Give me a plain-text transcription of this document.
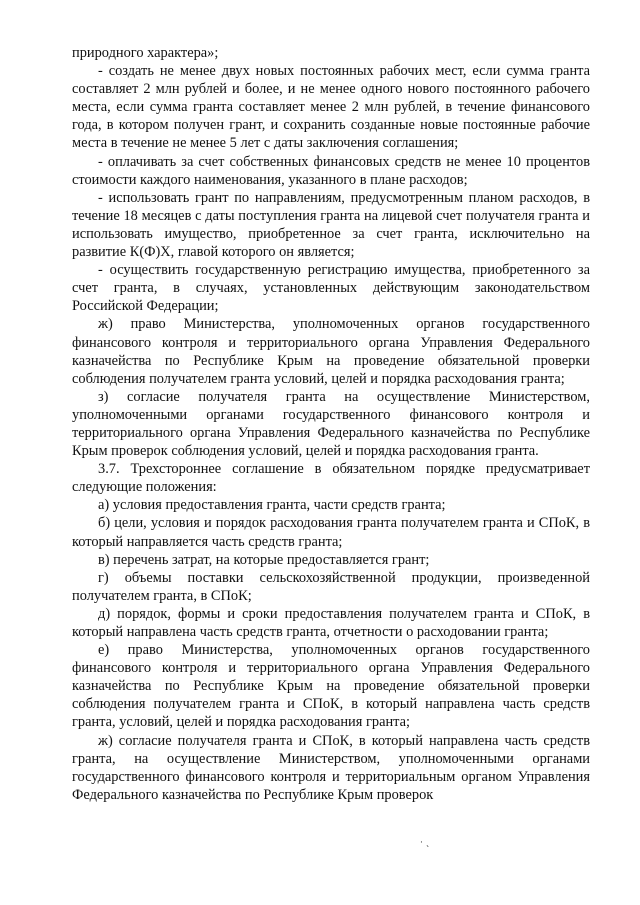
природного характера»;

- создать не менее двух новых постоянных рабочих мест, если сумма гранта составляет 2 млн рублей и более, и не менее одного нового постоянного рабочего места, если сумма гранта составляет менее 2 млн рублей, в течение финансового года, в котором получен грант, и сохранить созданные новые постоянные рабочие места в течение не менее 5 лет с даты заключения соглашения;

- оплачивать за счет собственных финансовых средств не менее 10 процентов стоимости каждого наименования, указанного в плане расходов;

- использовать грант по направлениям, предусмотренным планом расходов, в течение 18 месяцев с даты поступления гранта на лицевой счет получателя гранта и использовать имущество, приобретенное за счет гранта, исключительно на развитие К(Ф)Х, главой которого он является;

- осуществить государственную регистрацию имущества, приобретенного за счет гранта, в случаях, установленных действующим законодательством Российской Федерации;

ж) право Министерства, уполномоченных органов государственного финансового контроля и территориального органа Управления Федерального казначейства по Республике Крым на проведение обязательной проверки соблюдения получателем гранта условий, целей и порядка расходования гранта;

з) согласие получателя гранта на осуществление Министерством, уполномоченными органами государственного финансового контроля и территориального органа Управления Федерального казначейства по Республике Крым проверок соблюдения условий, целей и порядка расходования гранта.

3.7. Трехстороннее соглашение в обязательном порядке предусматривает следующие положения:

а) условия предоставления гранта, части средств гранта;

б) цели, условия и порядок расходования гранта получателем гранта и СПоК, в который направляется часть средств гранта;

в) перечень затрат, на которые предоставляется грант;

г) объемы поставки сельскохозяйственной продукции, произведенной получателем гранта, в СПоК;

д) порядок, формы и сроки предоставления получателем гранта и СПоК, в который направлена часть средств гранта, отчетности о расходовании гранта;

е) право Министерства, уполномоченных органов государственного финансового контроля и территориального органа Управления Федерального казначейства по Республике Крым на проведение обязательной проверки соблюдения получателем гранта и СПоК, в который направлена часть средств гранта, условий, целей и порядка расходования гранта;

ж) согласие получателя гранта и СПоК, в который направлена часть средств гранта, на осуществление Министерством, уполномоченными органами государственного финансового контроля и территориальным органом Управления Федерального казначейства по Республике Крым проверок

· ˎ
